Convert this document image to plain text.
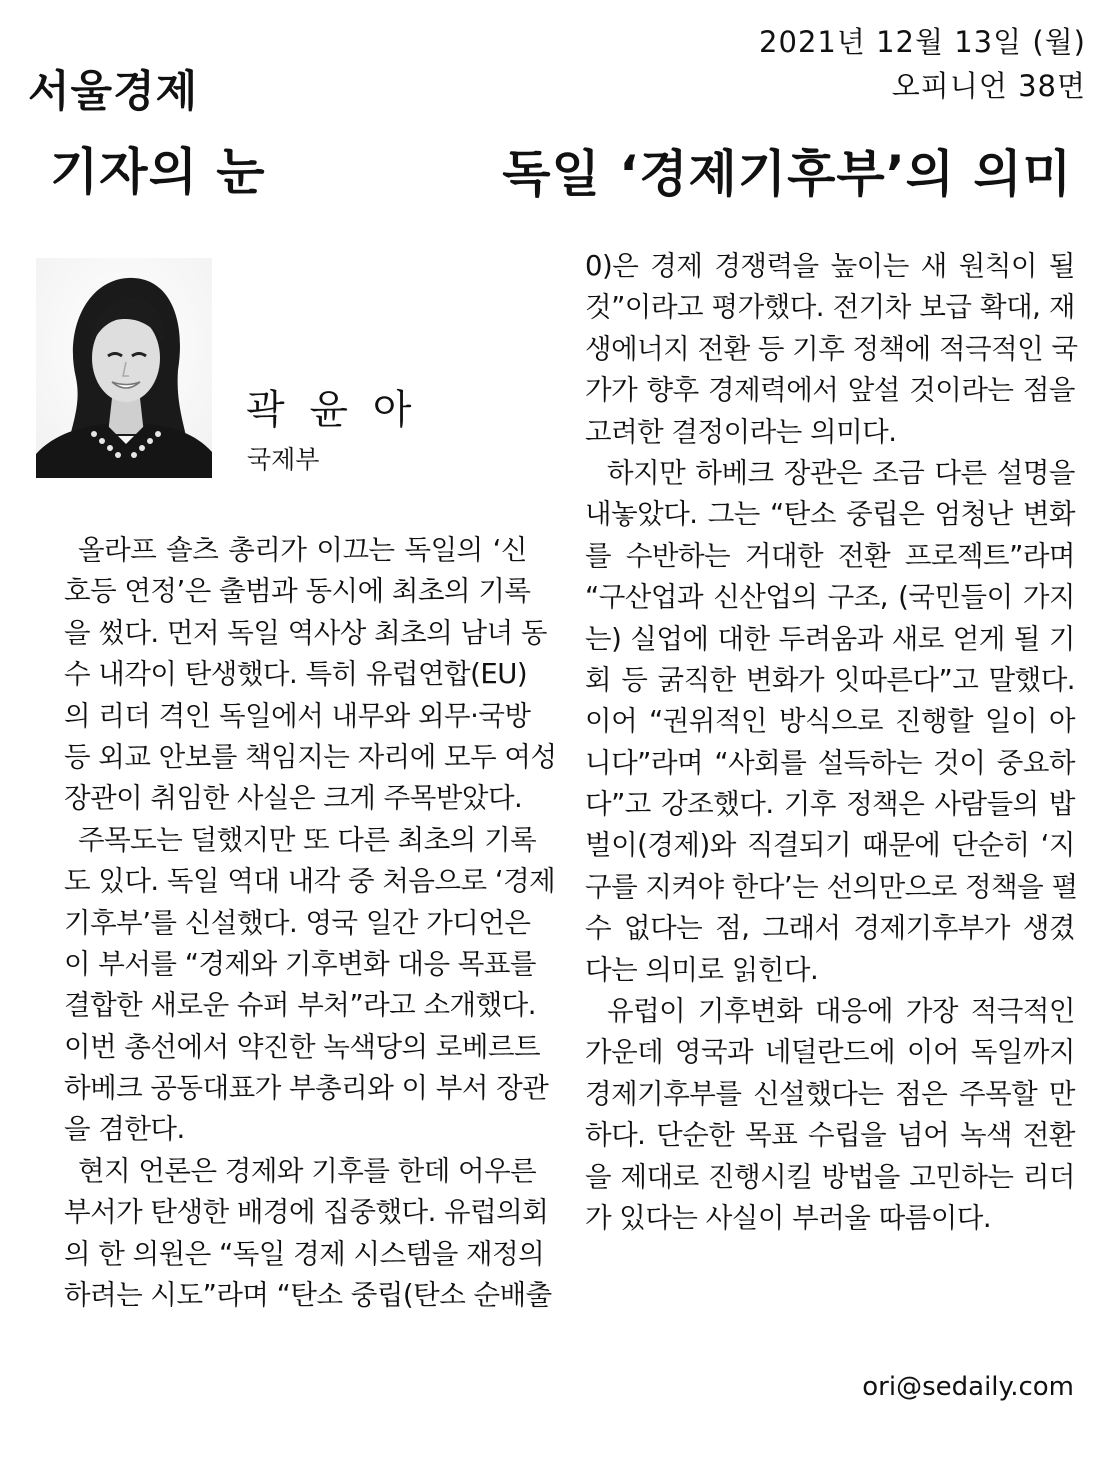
2021년 12월 13일 (월)
오피니언 38면
서울경제
기자의 눈	독일 ‘경제기후부’의 의미
곽 윤 아
국제부
올라프 숄츠 총리가 이끄는 독일의 ‘신
호등 연정’은 출범과 동시에 최초의 기록
을 썼다. 먼저 독일 역사상 최초의 남녀 동
수 내각이 탄생했다. 특히 유럽연합(EU)
의 리더 격인 독일에서 내무와 외무·국방
등 외교 안보를 책임지는 자리에 모두 여성
장관이 취임한 사실은 크게 주목받았다.
주목도는 덜했지만 또 다른 최초의 기록
도 있다. 독일 역대 내각 중 처음으로 ‘경제
기후부’를 신설했다. 영국 일간 가디언은
이 부서를 “경제와 기후변화 대응 목표를
결합한 새로운 슈퍼 부처”라고 소개했다.
이번 총선에서 약진한 녹색당의 로베르트
하베크 공동대표가 부총리와 이 부서 장관
을 겸한다.
현지 언론은 경제와 기후를 한데 어우른
부서가 탄생한 배경에 집중했다. 유럽의회
의 한 의원은 “독일 경제 시스템을 재정의
하려는 시도”라며 “탄소 중립(탄소 순배출
0)은 경제 경쟁력을 높이는 새 원칙이 될
것”이라고 평가했다. 전기차 보급 확대, 재
생에너지 전환 등 기후 정책에 적극적인 국
가가 향후 경제력에서 앞설 것이라는 점을
고려한 결정이라는 의미다.
하지만 하베크 장관은 조금 다른 설명을
내놓았다. 그는 “탄소 중립은 엄청난 변화
를 수반하는 거대한 전환 프로젝트”라며
“구산업과 신산업의 구조, (국민들이 가지
는) 실업에 대한 두려움과 새로 얻게 될 기
회 등 굵직한 변화가 잇따른다”고 말했다.
이어 “권위적인 방식으로 진행할 일이 아
니다”라며 “사회를 설득하는 것이 중요하
다”고 강조했다. 기후 정책은 사람들의 밥
벌이(경제)와 직결되기 때문에 단순히 ‘지
구를 지켜야 한다’는 선의만으로 정책을 펼
수 없다는 점, 그래서 경제기후부가 생겼
다는 의미로 읽힌다.
유럽이 기후변화 대응에 가장 적극적인
가운데 영국과 네덜란드에 이어 독일까지
경제기후부를 신설했다는 점은 주목할 만
하다. 단순한 목표 수립을 넘어 녹색 전환
을 제대로 진행시킬 방법을 고민하는 리더
가 있다는 사실이 부러울 따름이다.
ori@sedaily.com
